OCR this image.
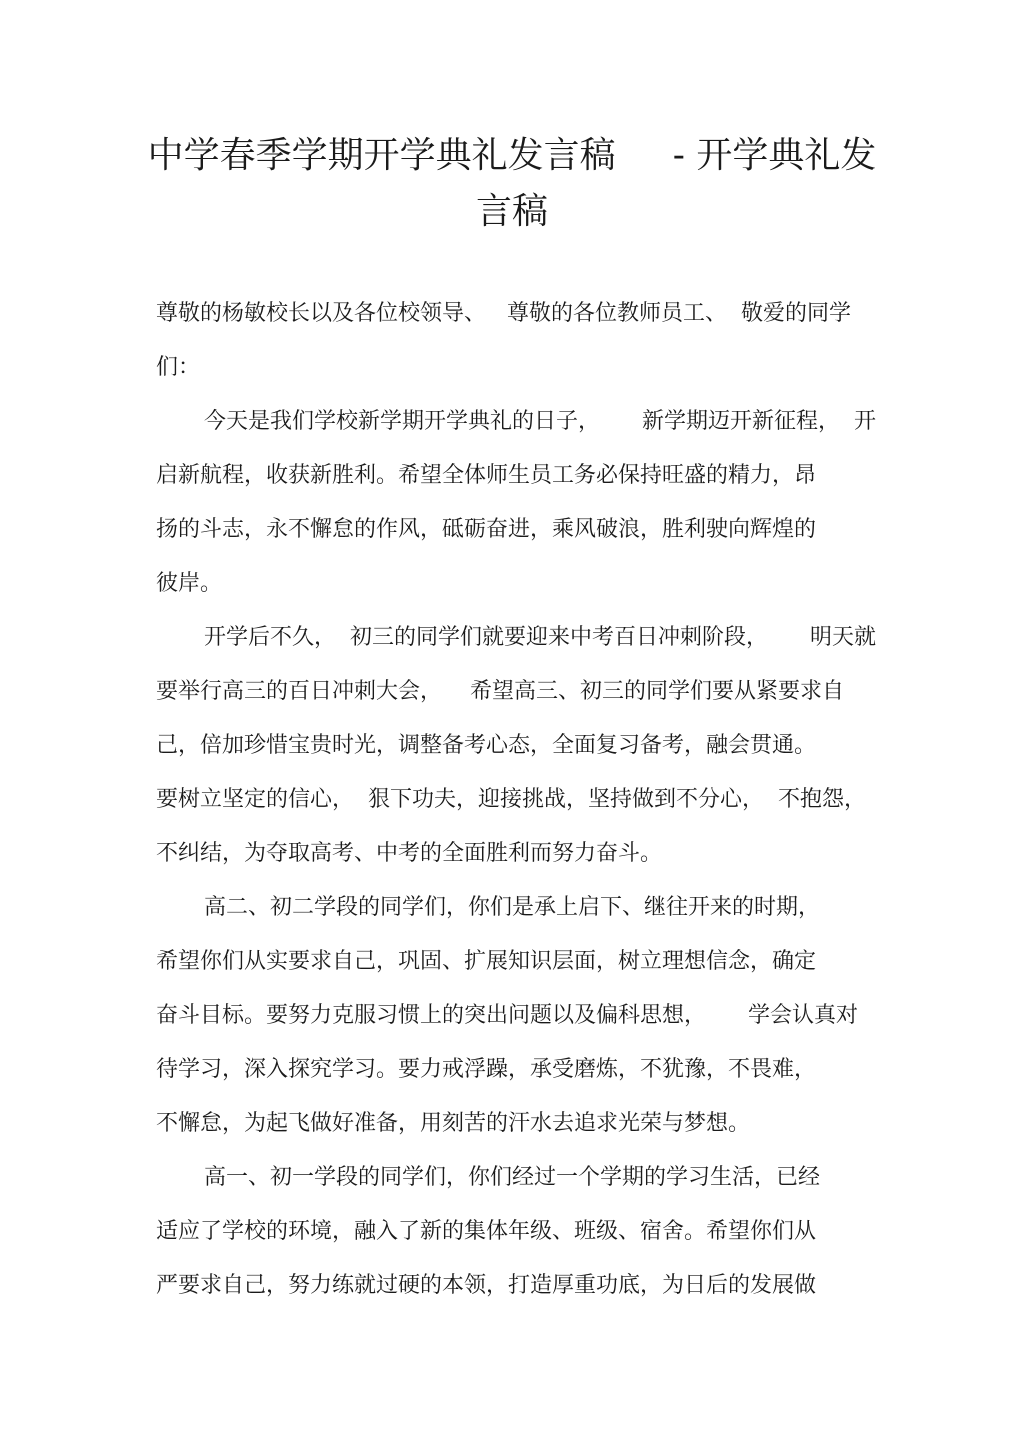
中学春季学期开学典礼发言稿     - 开学典礼发
言稿
尊敬的杨敏校长以及各位校领导、   尊敬的各位教师员工、  敬爱的同学
们：
今天是我们学校新学期开学典礼的日子，      新学期迈开新征程，  开
启新航程，收获新胜利。希望全体师生员工务必保持旺盛的精力，昂
扬的斗志，永不懈怠的作风，砥砺奋进，乘风破浪，胜利驶向辉煌的
彼岸。
开学后不久，  初三的同学们就要迎来中考百日冲刺阶段，      明天就
要举行高三的百日冲刺大会，    希望高三、初三的同学们要从紧要求自
己，倍加珍惜宝贵时光，调整备考心态，全面复习备考，融会贯通。
要树立坚定的信心，  狠下功夫，迎接挑战，坚持做到不分心，  不抱怨，
不纠结，为夺取高考、中考的全面胜利而努力奋斗。
高二、初二学段的同学们，你们是承上启下、继往开来的时期，
希望你们从实要求自己，巩固、扩展知识层面，树立理想信念，确定
奋斗目标。要努力克服习惯上的突出问题以及偏科思想，      学会认真对
待学习，深入探究学习。要力戒浮躁，承受磨炼，不犹豫，不畏难，
不懈怠，为起飞做好准备，用刻苦的汗水去追求光荣与梦想。
高一、初一学段的同学们，你们经过一个学期的学习生活，已经
适应了学校的环境，融入了新的集体年级、班级、宿舍。希望你们从
严要求自己，努力练就过硬的本领，打造厚重功底，为日后的发展做
